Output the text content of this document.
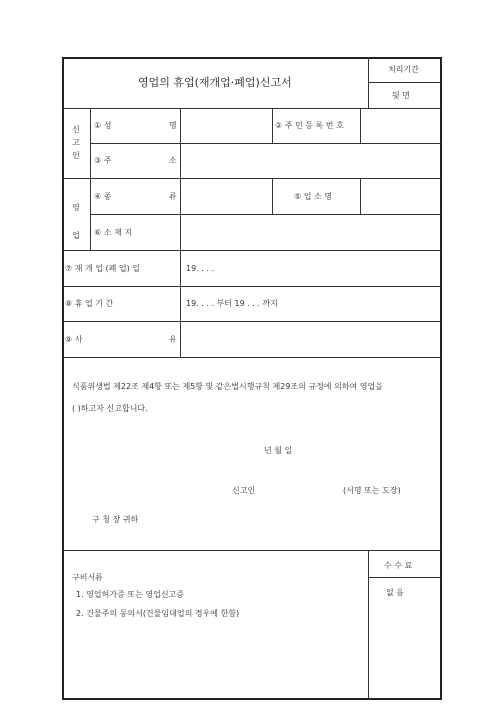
영업의 휴업(재개업·폐업)신고서
처리기간
뒷 면
신
고
인
① 성	명	② 주 민 등 록 번 호
③ 주	소
영
업
④ 종	류	⑤ 업 소 명
⑥ 소 재 지
⑦ 재 개 업 (폐 업) 일	19. . . .
⑧ 휴 업 기 간	19. . . . 부터 19 . . . 까지
⑨ 사	유
식품위생법 제22조 제4항 또는 제5항 및 같은법시행규칙 제29조의 규정에 의하여 영업을
( )하고자 신고합니다.
년 월 일
신고인	(서명 또는 도장)
구 청 장 귀하
구비서류
1. 영업허가증 또는 영업신고증
2. 건물주의 동의서(건물임대업의 경우에 한함)
수 수 료
없 음
